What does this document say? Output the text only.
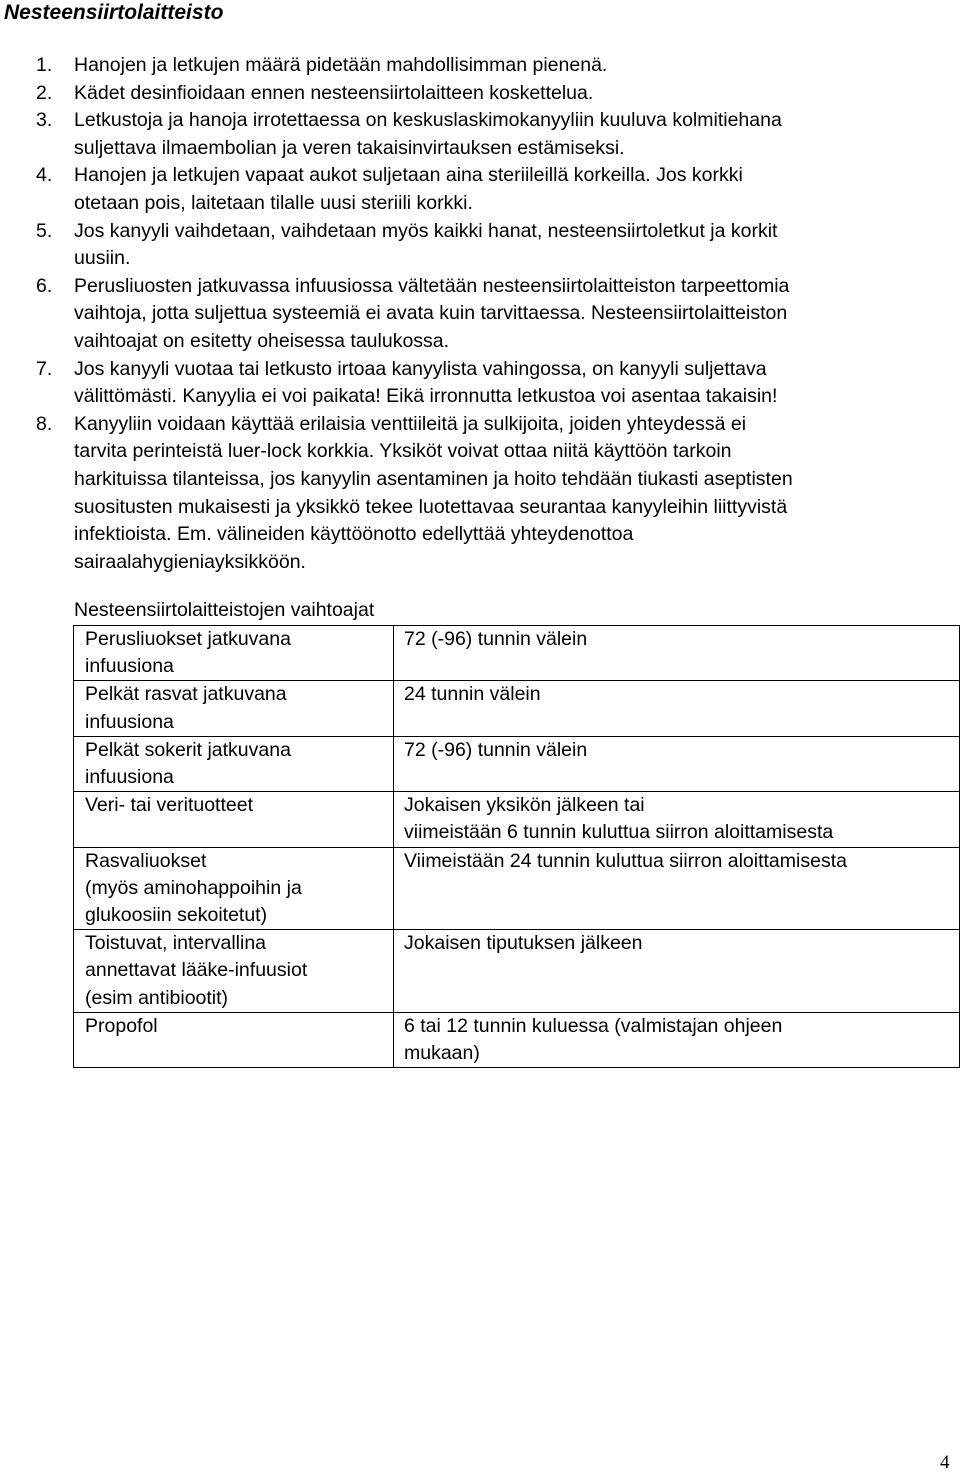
Nesteensiirtolaitteisto
1. Hanojen ja letkujen määrä pidetään mahdollisimman pienenä.
2. Kädet desinfioidaan ennen nesteensiirtolaitteen koskettelua.
3. Letkustoja ja hanoja irrotettaessa on keskuslaskimokanyyliin kuuluva kolmitiehana
suljettava ilmaembolian ja veren takaisinvirtauksen estämiseksi.
4. Hanojen ja letkujen vapaat aukot suljetaan aina steriileillä korkeilla. Jos korkki
otetaan pois, laitetaan tilalle uusi steriili korkki.
5. Jos kanyyli vaihdetaan, vaihdetaan myös kaikki hanat, nesteensiirtoletkut ja korkit
uusiin.
6. Perusliuosten jatkuvassa infuusiossa vältetään nesteensiirtolaitteiston tarpeettomia
vaihtoja, jotta suljettua systeemiä ei avata kuin tarvittaessa. Nesteensiirtolaitteiston
vaihtoajat on esitetty oheisessa taulukossa.
7. Jos kanyyli vuotaa tai letkusto irtoaa kanyylista vahingossa, on kanyyli suljettava
välittömästi. Kanyylia ei voi paikata! Eikä irronnutta letkustoa voi asentaa takaisin!
8. Kanyyliin voidaan käyttää erilaisia venttiileitä ja sulkijoita, joiden yhteydessä ei
tarvita perinteistä luer-lock korkkia. Yksiköt voivat ottaa niitä käyttöön tarkoin
harkituissa tilanteissa, jos kanyylin asentaminen ja hoito tehdään tiukasti aseptisten
suositusten mukaisesti ja yksikkö tekee luotettavaa seurantaa kanyyleihin liittyvistä
infektioista. Em. välineiden käyttöönotto edellyttää yhteydenottoa
sairaalahygieniayksikköön.

Nesteensiirtolaitteistojen vaihtoajat

Perusliuokset jatkuvana
infuusiona	72 (-96) tunnin välein

Pelkät rasvat jatkuvana
infuusiona	24 tunnin välein

Pelkät sokerit jatkuvana
infuusiona	72 (-96) tunnin välein

Veri- tai verituotteet	Jokaisen yksikön jälkeen tai
viimeistään 6 tunnin kuluttua siirron aloittamisesta

Rasvaliuokset
(myös aminohappoihin ja
glukoosiin sekoitetut)	Viimeistään 24 tunnin kuluttua siirron aloittamisesta

Toistuvat, intervallina
annettavat lääke-infuusiot
(esim antibiootit)	Jokaisen tiputuksen jälkeen

Propofol	6 tai 12 tunnin kuluessa (valmistajan ohjeen
mukaan)
4
